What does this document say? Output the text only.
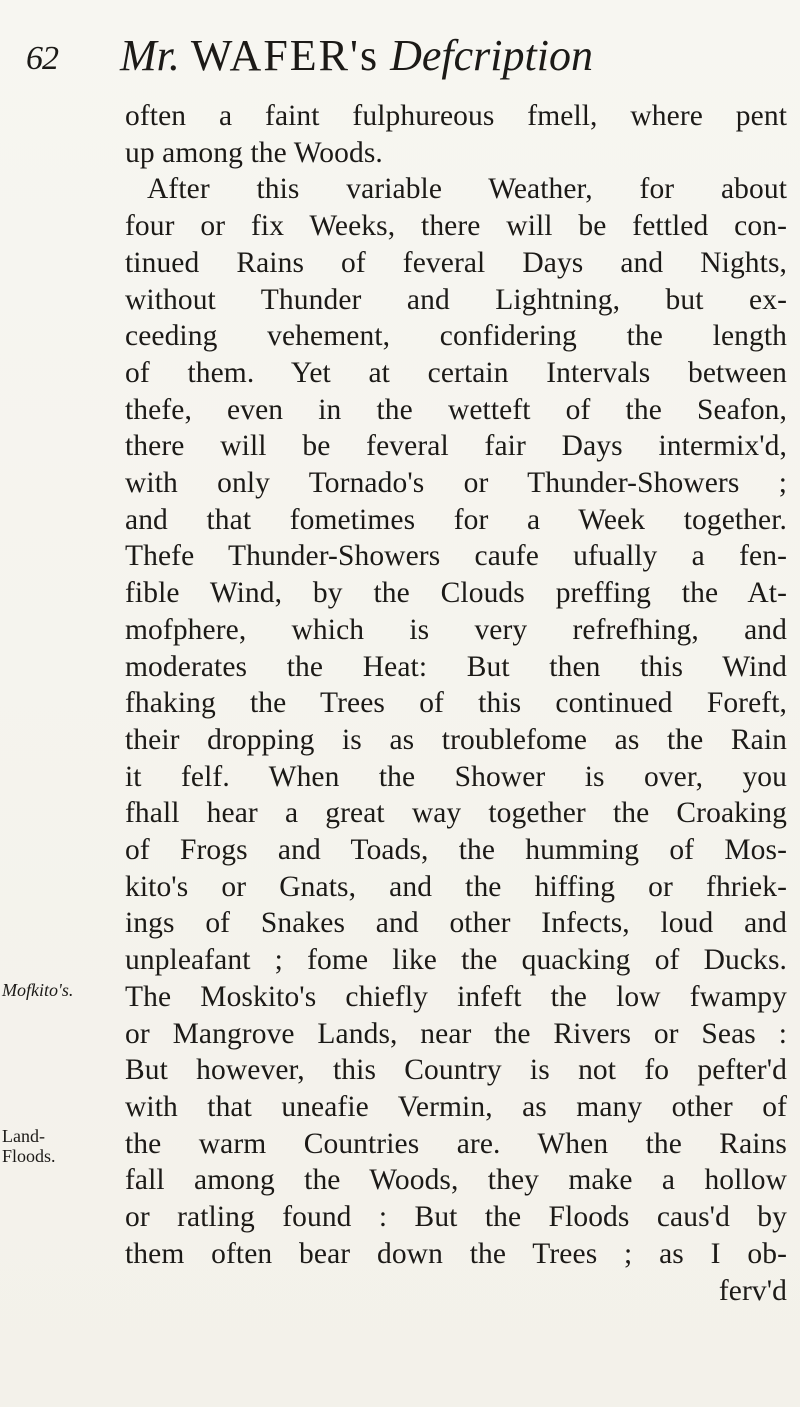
62 Mr. WAFER's Defcription
Mofkito's.
Land-
Floods.
often a faint fulphureous fmell, where pent
up among the Woods.
After this variable Weather, for about
four or fix Weeks, there will be fettled con-
tinued Rains of feveral Days and Nights,
without Thunder and Lightning, but ex-
ceeding vehement, confidering the length
of them. Yet at certain Intervals between
thefe, even in the wetteft of the Seafon,
there will be feveral fair Days intermix'd,
with only Tornado's or Thunder-Showers ;
and that fometimes for a Week together.
Thefe Thunder-Showers caufe ufually a fen-
fible Wind, by the Clouds preffing the At-
mofphere, which is very refrefhing, and
moderates the Heat: But then this Wind
fhaking the Trees of this continued Foreft,
their dropping is as troublefome as the Rain
it felf. When the Shower is over, you
fhall hear a great way together the Croaking
of Frogs and Toads, the humming of Mos-
kito's or Gnats, and the hiffing or fhriek-
ings of Snakes and other Infects, loud and
unpleafant ; fome like the quacking of Ducks.
The Moskito's chiefly infeft the low fwampy
or Mangrove Lands, near the Rivers or Seas :
But however, this Country is not fo pefter'd
with that uneafie Vermin, as many other of
the warm Countries are. When the Rains
fall among the Woods, they make a hollow
or ratling found : But the Floods caus'd by
them often bear down the Trees ; as I ob-
ferv'd
